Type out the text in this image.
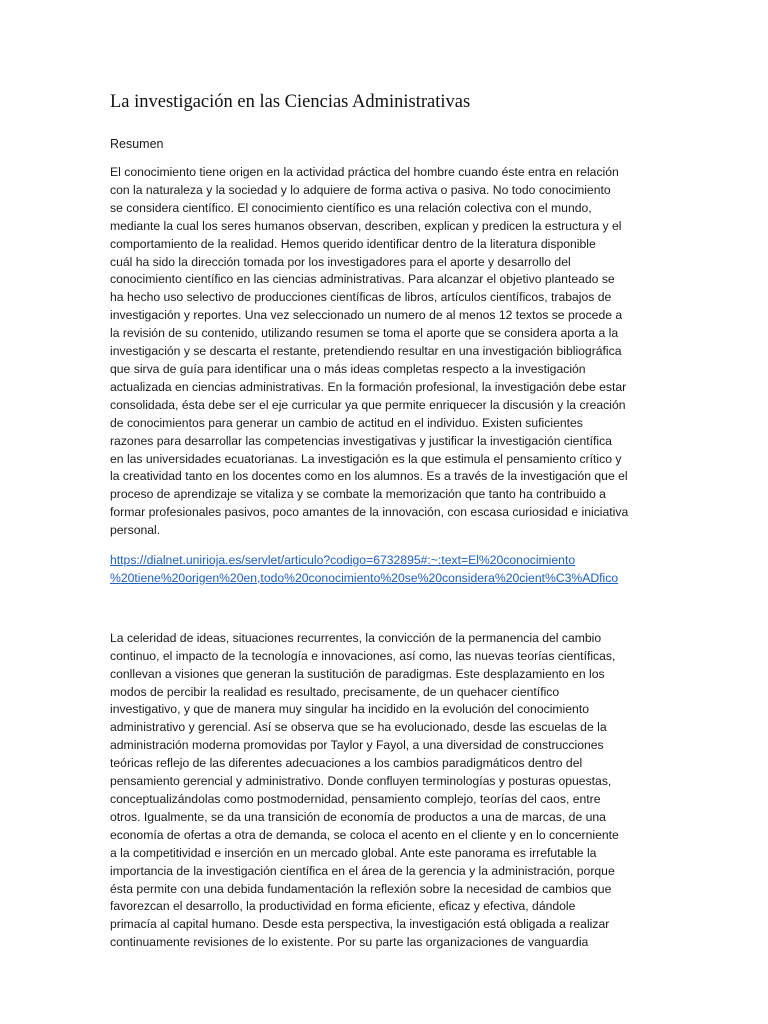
La investigación en las Ciencias Administrativas
Resumen

El conocimiento tiene origen en la actividad práctica del hombre cuando éste entra en relación
con la naturaleza y la sociedad y lo adquiere de forma activa o pasiva. No todo conocimiento
se considera científico. El conocimiento científico es una relación colectiva con el mundo,
mediante la cual los seres humanos observan, describen, explican y predicen la estructura y el
comportamiento de la realidad. Hemos querido identificar dentro de la literatura disponible
cuál ha sido la dirección tomada por los investigadores para el aporte y desarrollo del
conocimiento científico en las ciencias administrativas. Para alcanzar el objetivo planteado se
ha hecho uso selectivo de producciones científicas de libros, artículos científicos, trabajos de
investigación y reportes. Una vez seleccionado un numero de al menos 12 textos se procede a
la revisión de su contenido, utilizando resumen se toma el aporte que se considera aporta a la
investigación y se descarta el restante, pretendiendo resultar en una investigación bibliográfica
que sirva de guía para identificar una o más ideas completas respecto a la investigación
actualizada en ciencias administrativas. En la formación profesional, la investigación debe estar
consolidada, ésta debe ser el eje curricular ya que permite enriquecer la discusión y la creación
de conocimientos para generar un cambio de actitud en el individuo. Existen suficientes
razones para desarrollar las competencias investigativas y justificar la investigación científica
en las universidades ecuatorianas. La investigación es la que estimula el pensamiento crítico y
la creatividad tanto en los docentes como en los alumnos. Es a través de la investigación que el
proceso de aprendizaje se vitaliza y se combate la memorización que tanto ha contribuido a
formar profesionales pasivos, poco amantes de la innovación, con escasa curiosidad e iniciativa
personal.

https://dialnet.unirioja.es/servlet/articulo?codigo=6732895#:~:text=El%20conocimiento
%20tiene%20origen%20en,todo%20conocimiento%20se%20considera%20cient%C3%ADfico

La celeridad de ideas, situaciones recurrentes, la convicción de la permanencia del cambio
continuo, el impacto de la tecnología e innovaciones, así como, las nuevas teorías científicas,
conllevan a visiones que generan la sustitución de paradigmas. Este desplazamiento en los
modos de percibir la realidad es resultado, precisamente, de un quehacer científico
investigativo, y que de manera muy singular ha incidido en la evolución del conocimiento
administrativo y gerencial. Así se observa que se ha evolucionado, desde las escuelas de la
administración moderna promovidas por Taylor y Fayol, a una diversidad de construcciones
teóricas reflejo de las diferentes adecuaciones a los cambios paradigmáticos dentro del
pensamiento gerencial y administrativo. Donde confluyen terminologías y posturas opuestas,
conceptualizándolas como postmodernidad, pensamiento complejo, teorías del caos, entre
otros. Igualmente, se da una transición de economía de productos a una de marcas, de una
economía de ofertas a otra de demanda, se coloca el acento en el cliente y en lo concerniente
a la competitividad e inserción en un mercado global. Ante este panorama es irrefutable la
importancia de la investigación científica en el área de la gerencia y la administración, porque
ésta permite con una debida fundamentación la reflexión sobre la necesidad de cambios que
favorezcan el desarrollo, la productividad en forma eficiente, eficaz y efectiva, dándole
primacía al capital humano. Desde esta perspectiva, la investigación está obligada a realizar
continuamente revisiones de lo existente. Por su parte las organizaciones de vanguardia
